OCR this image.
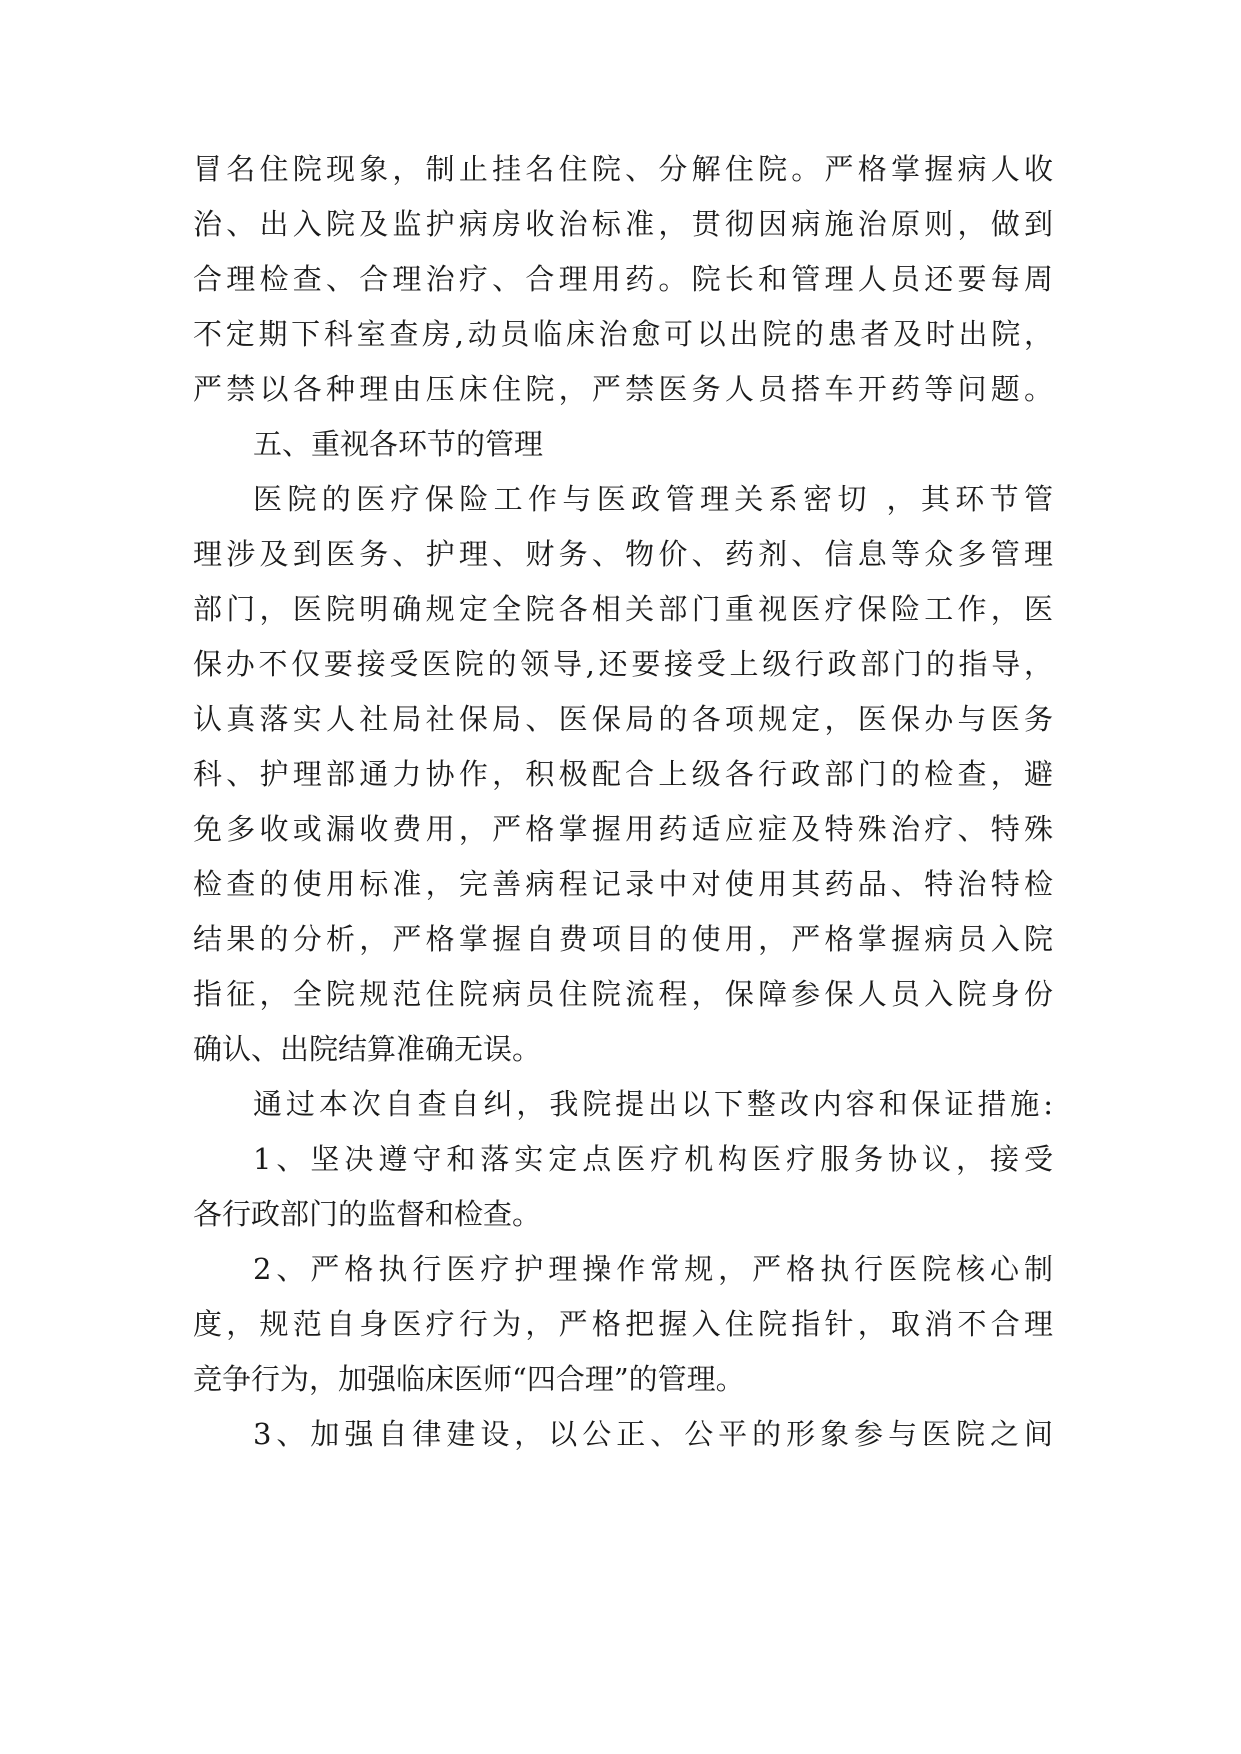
冒名住院现象，制止挂名住院、分解住院。严格掌握病人收
治、出入院及监护病房收治标准，贯彻因病施治原则，做到
合理检查、合理治疗、合理用药。院长和管理人员还要每周
不定期下科室查房,动员临床治愈可以出院的患者及时出院，
严禁以各种理由压床住院，严禁医务人员搭车开药等问题。
五、重视各环节的管理
医院的医疗保险工作与医政管理关系密切 ，其环节管
理涉及到医务、护理、财务、物价、药剂、信息等众多管理
部门，医院明确规定全院各相关部门重视医疗保险工作，医
保办不仅要接受医院的领导,还要接受上级行政部门的指导，
认真落实人社局社保局、医保局的各项规定，医保办与医务
科、护理部通力协作，积极配合上级各行政部门的检查，避
免多收或漏收费用，严格掌握用药适应症及特殊治疗、特殊
检查的使用标准，完善病程记录中对使用其药品、特治特检
结果的分析，严格掌握自费项目的使用，严格掌握病员入院
指征，全院规范住院病员住院流程，保障参保人员入院身份
确认、出院结算准确无误。
通过本次自查自纠，我院提出以下整改内容和保证措施:
1、坚决遵守和落实定点医疗机构医疗服务协议，接受
各行政部门的监督和检查。
2、严格执行医疗护理操作常规，严格执行医院核心制
度，规范自身医疗行为，严格把握入住院指针，取消不合理
竞争行为，加强临床医师“四合理”的管理。
3、加强自律建设，以公正、公平的形象参与医院之间
